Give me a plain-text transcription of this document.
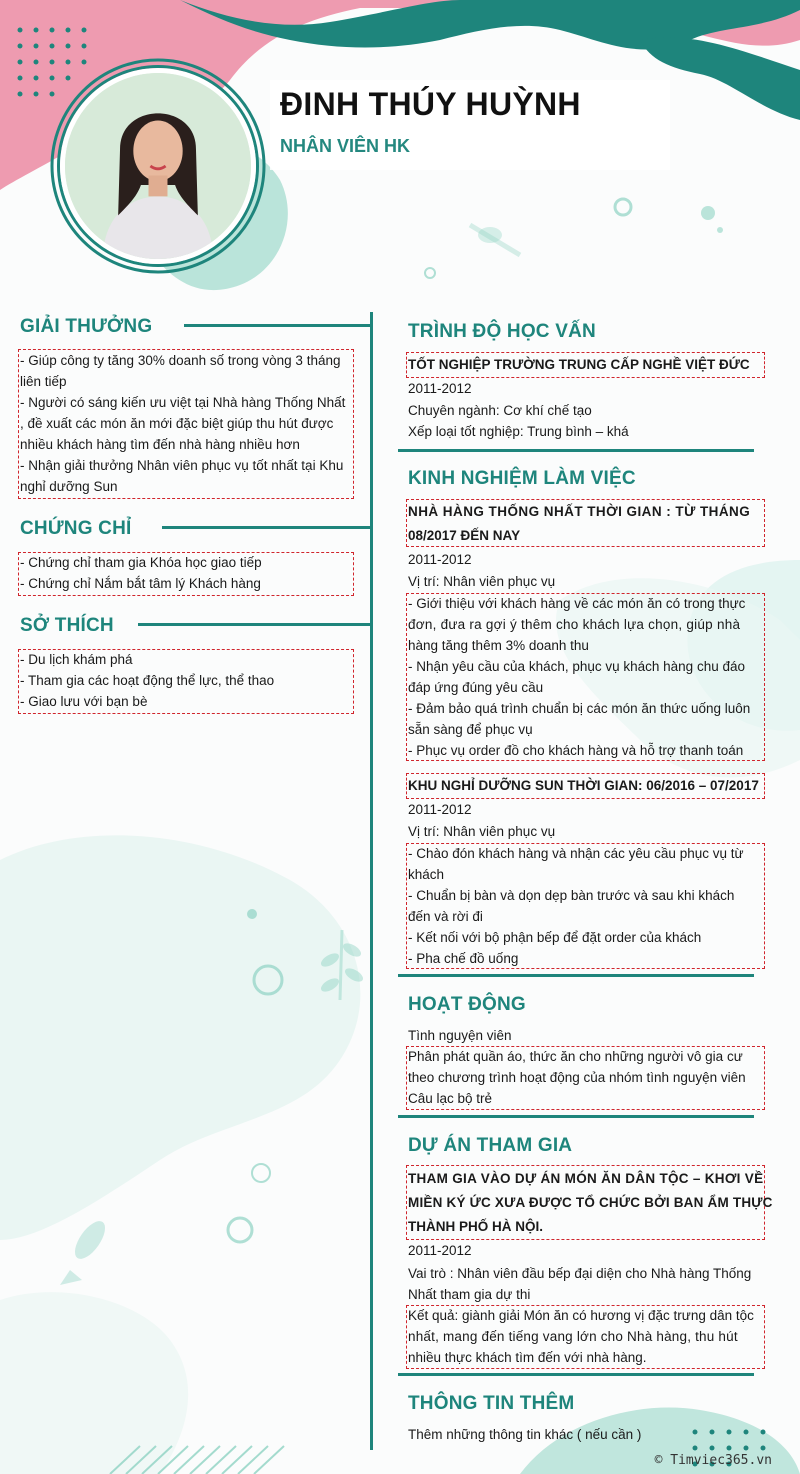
ĐINH THÚY HUỲNH
NHÂN VIÊN HK
GIẢI THƯỞNG
- Giúp công ty tăng 30% doanh số trong vòng 3 tháng
liên tiếp
- Người có sáng kiến ưu việt tại Nhà hàng Thống Nhất
, đề xuất các món ăn mới đặc biệt giúp thu hút được
nhiều khách hàng tìm đến nhà hàng nhiều hơn
- Nhận giải thưởng Nhân viên phục vụ tốt nhất tại Khu
nghỉ dưỡng Sun
CHỨNG CHỈ
- Chứng chỉ tham gia Khóa học giao tiếp
- Chứng chỉ Nắm bắt tâm lý Khách hàng
SỞ THÍCH
- Du lịch khám phá
- Tham gia các hoạt động thể lực, thể thao
- Giao lưu với bạn bè
TRÌNH ĐỘ HỌC VẤN
TỐT NGHIỆP TRƯỜNG TRUNG CẤP NGHỀ VIỆT ĐỨC
2011-2012
Chuyên ngành: Cơ khí chế tạo
Xếp loại tốt nghiệp: Trung bình – khá
KINH NGHIỆM LÀM VIỆC
NHÀ HÀNG THỐNG NHẤT THỜI GIAN : TỪ THÁNG
08/2017 ĐẾN NAY
2011-2012
Vị trí: Nhân viên phục vụ
- Giới thiệu với khách hàng về các món ăn có trong thực
đơn, đưa ra gợi ý thêm cho khách lựa chọn, giúp nhà
hàng tăng thêm 3% doanh thu
- Nhận yêu cầu của khách, phục vụ khách hàng chu đáo
đáp ứng đúng yêu cầu
- Đảm bảo quá trình chuẩn bị các món ăn thức uống luôn
sẵn sàng để phục vụ
- Phục vụ order đồ cho khách hàng và hỗ trợ thanh toán
KHU NGHỈ DƯỠNG SUN THỜI GIAN: 06/2016 – 07/2017
2011-2012
Vị trí: Nhân viên phục vụ
- Chào đón khách hàng và nhận các yêu cầu phục vụ từ
khách
- Chuẩn bị bàn và dọn dẹp bàn trước và sau khi khách
đến và rời đi
- Kết nối với bộ phận bếp để đặt order của khách
- Pha chế đồ uống
HOẠT ĐỘNG
Tình nguyện viên
Phân phát quần áo, thức ăn cho những người vô gia cư
theo chương trình hoạt động của nhóm tình nguyện viên
Câu lạc bộ trẻ
DỰ ÁN THAM GIA
THAM GIA VÀO DỰ ÁN MÓN ĂN DÂN TỘC – KHƠI VỀ
MIỀN KÝ ỨC XƯA ĐƯỢC TỔ CHỨC BỞI BAN ẨM THỰC
THÀNH PHỐ HÀ NỘI.
2011-2012
Vai trò : Nhân viên đầu bếp đại diện cho Nhà hàng Thống
Nhất tham gia dự thi
Kết quả: giành giải Món ăn có hương vị đặc trưng dân tộc
nhất, mang đến tiếng vang lớn cho Nhà hàng, thu hút
nhiều thực khách tìm đến với nhà hàng.
THÔNG TIN THÊM
Thêm những thông tin khác ( nếu cần )
© Timviec365.vn
